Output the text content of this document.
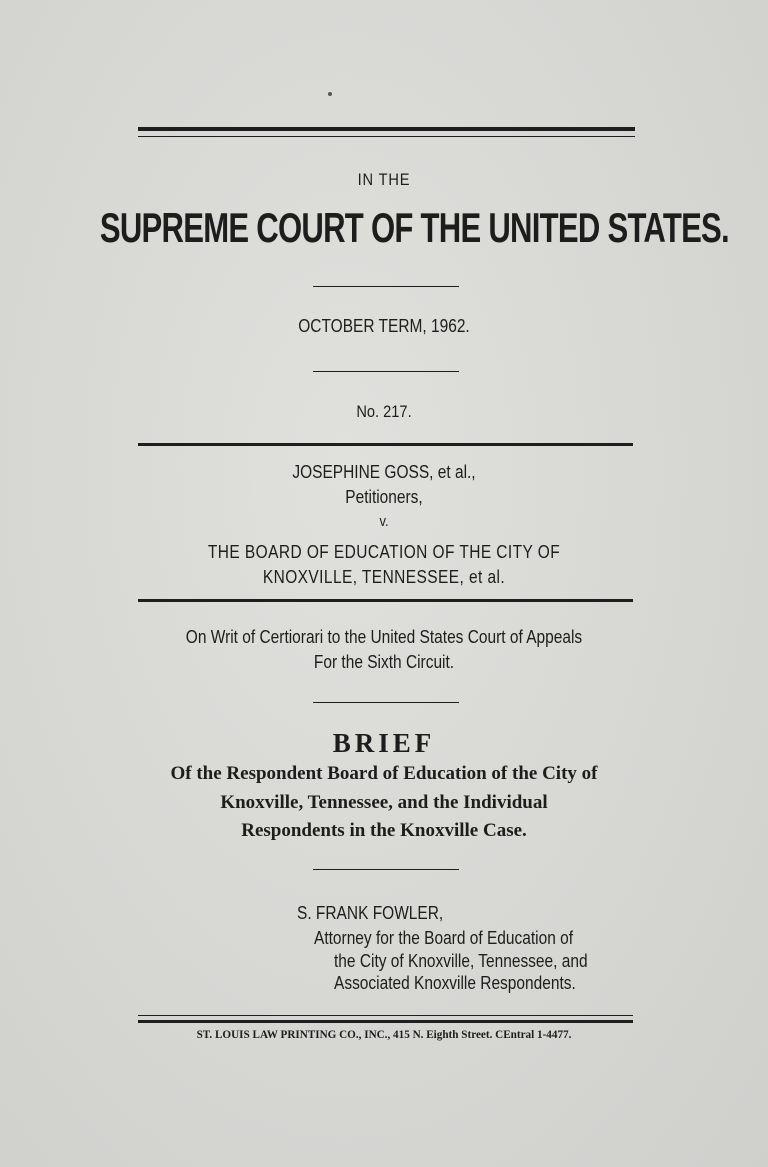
IN THE
SUPREME COURT OF THE UNITED STATES.
OCTOBER TERM, 1962.
No. 217.
JOSEPHINE GOSS, et al.,
Petitioners,
v.
THE BOARD OF EDUCATION OF THE CITY OF
KNOXVILLE, TENNESSEE, et al.
On Writ of Certiorari to the United States Court of Appeals
For the Sixth Circuit.
BRIEF
Of the Respondent Board of Education of the City of
Knoxville, Tennessee, and the Individual
Respondents in the Knoxville Case.
S. FRANK FOWLER,
Attorney for the Board of Education of
the City of Knoxville, Tennessee, and
Associated Knoxville Respondents.
ST. LOUIS LAW PRINTING CO., INC., 415 N. Eighth Street. CEntral 1-4477.
